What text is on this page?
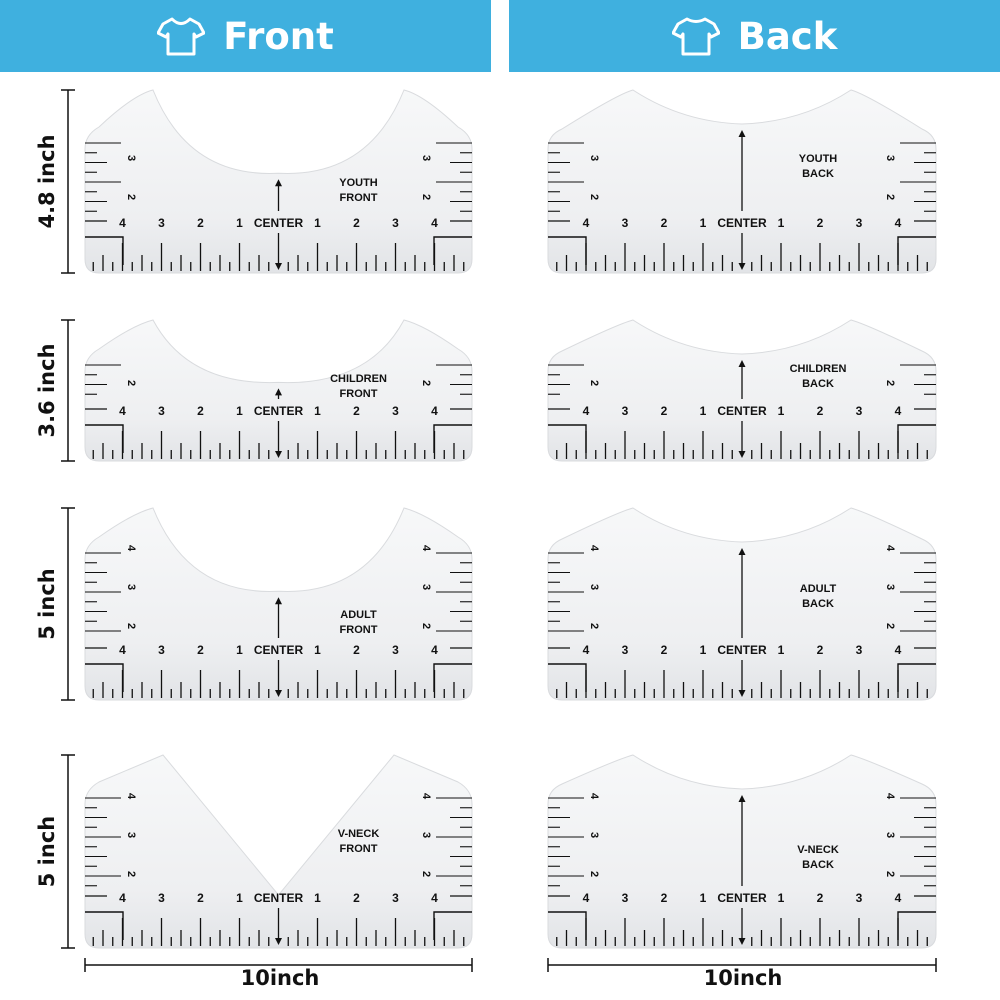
Front	Back
4	3	2	1	1	2	3	4
3	3
2	2
CENTER
YOUTH
FRONT
4	3	2	1	1	2	3	4
2	2
CENTER
CHILDREN
FRONT
4	3	2	1	1	2	3	4
4	4
3	3
2	2
CENTER
ADULT
FRONT
4	3	2	1	1	2	3	4
4	4
3	3
2	2
CENTER
V-NECK
FRONT
4	3	2	1	1	2	3	4
3	3
2	2
CENTER
YOUTH
BACK
4	3	2	1	1	2	3	4
2	2
CENTER
CHILDREN
BACK
4	3	2	1	1	2	3	4
4	4
3	3
2	2
CENTER
ADULT
BACK
4	3	2	1	1	2	3	4
4	4
3	3
2	2
CENTER
V-NECK
BACK
4.8 inch
3.6 inch
5 inch
5 inch
10inch	10inch
